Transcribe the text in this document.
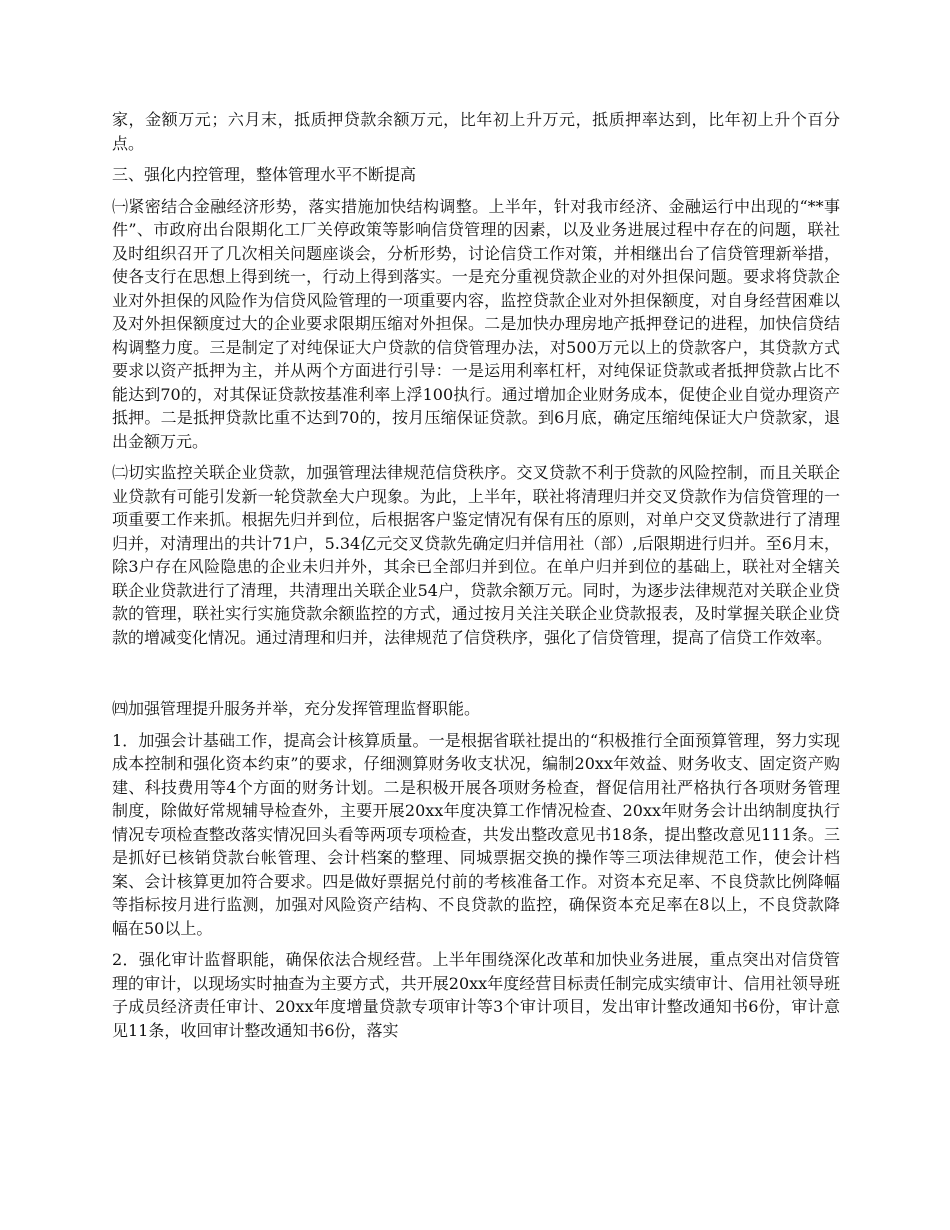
家，金额万元；六月末，抵质押贷款余额万元，比年初上升万元，抵质押率达到，比年初上升个百分点。

三、强化内控管理，整体管理水平不断提高

㈠紧密结合金融经济形势，落实措施加快结构调整。上半年，针对我市经济、金融运行中出现的“**事件”、市政府出台限期化工厂关停政策等影响信贷管理的因素，以及业务进展过程中存在的问题，联社及时组织召开了几次相关问题座谈会，分析形势，讨论信贷工作对策，并相继出台了信贷管理新举措，使各支行在思想上得到统一，行动上得到落实。一是充分重视贷款企业的对外担保问题。要求将贷款企业对外担保的风险作为信贷风险管理的一项重要内容，监控贷款企业对外担保额度，对自身经营困难以及对外担保额度过大的企业要求限期压缩对外担保。二是加快办理房地产抵押登记的进程，加快信贷结构调整力度。三是制定了对纯保证大户贷款的信贷管理办法，对500万元以上的贷款客户，其贷款方式要求以资产抵押为主，并从两个方面进行引导：一是运用利率杠杆，对纯保证贷款或者抵押贷款占比不能达到70的，对其保证贷款按基准利率上浮100执行。通过增加企业财务成本，促使企业自觉办理资产抵押。二是抵押贷款比重不达到70的，按月压缩保证贷款。到6月底，确定压缩纯保证大户贷款家，退出金额万元。

㈡切实监控关联企业贷款，加强管理法律规范信贷秩序。交叉贷款不利于贷款的风险控制，而且关联企业贷款有可能引发新一轮贷款垒大户现象。为此，上半年，联社将清理归并交叉贷款作为信贷管理的一项重要工作来抓。根据先归并到位，后根据客户鉴定情况有保有压的原则，对单户交叉贷款进行了清理归并，对清理出的共计71户，5.34亿元交叉贷款先确定归并信用社（部）,后限期进行归并。至6月末，除3户存在风险隐患的企业未归并外，其余已全部归并到位。在单户归并到位的基础上，联社对全辖关联企业贷款进行了清理，共清理出关联企业54户，贷款余额万元。同时，为逐步法律规范对关联企业贷款的管理，联社实行实施贷款余额监控的方式，通过按月关注关联企业贷款报表，及时掌握关联企业贷款的增减变化情况。通过清理和归并，法律规范了信贷秩序，强化了信贷管理，提高了信贷工作效率。

㈣加强管理提升服务并举，充分发挥管理监督职能。

1．加强会计基础工作，提高会计核算质量。一是根据省联社提出的“积极推行全面预算管理，努力实现成本控制和强化资本约束”的要求，仔细测算财务收支状况，编制20xx年效益、财务收支、固定资产购建、科技费用等4个方面的财务计划。二是积极开展各项财务检查，督促信用社严格执行各项财务管理制度，除做好常规辅导检查外，主要开展20xx年度决算工作情况检查、20xx年财务会计出纳制度执行情况专项检查整改落实情况回头看等两项专项检查，共发出整改意见书18条，提出整改意见111条。三是抓好已核销贷款台帐管理、会计档案的整理、同城票据交换的操作等三项法律规范工作，使会计档案、会计核算更加符合要求。四是做好票据兑付前的考核准备工作。对资本充足率、不良贷款比例降幅等指标按月进行监测，加强对风险资产结构、不良贷款的监控，确保资本充足率在8以上，不良贷款降幅在50以上。

2．强化审计监督职能，确保依法合规经营。上半年围绕深化改革和加快业务进展，重点突出对信贷管理的审计，以现场实时抽查为主要方式，共开展20xx年度经营目标责任制完成实绩审计、信用社领导班子成员经济责任审计、20xx年度增量贷款专项审计等3个审计项目，发出审计整改通知书6份，审计意见11条，收回审计整改通知书6份，落实
